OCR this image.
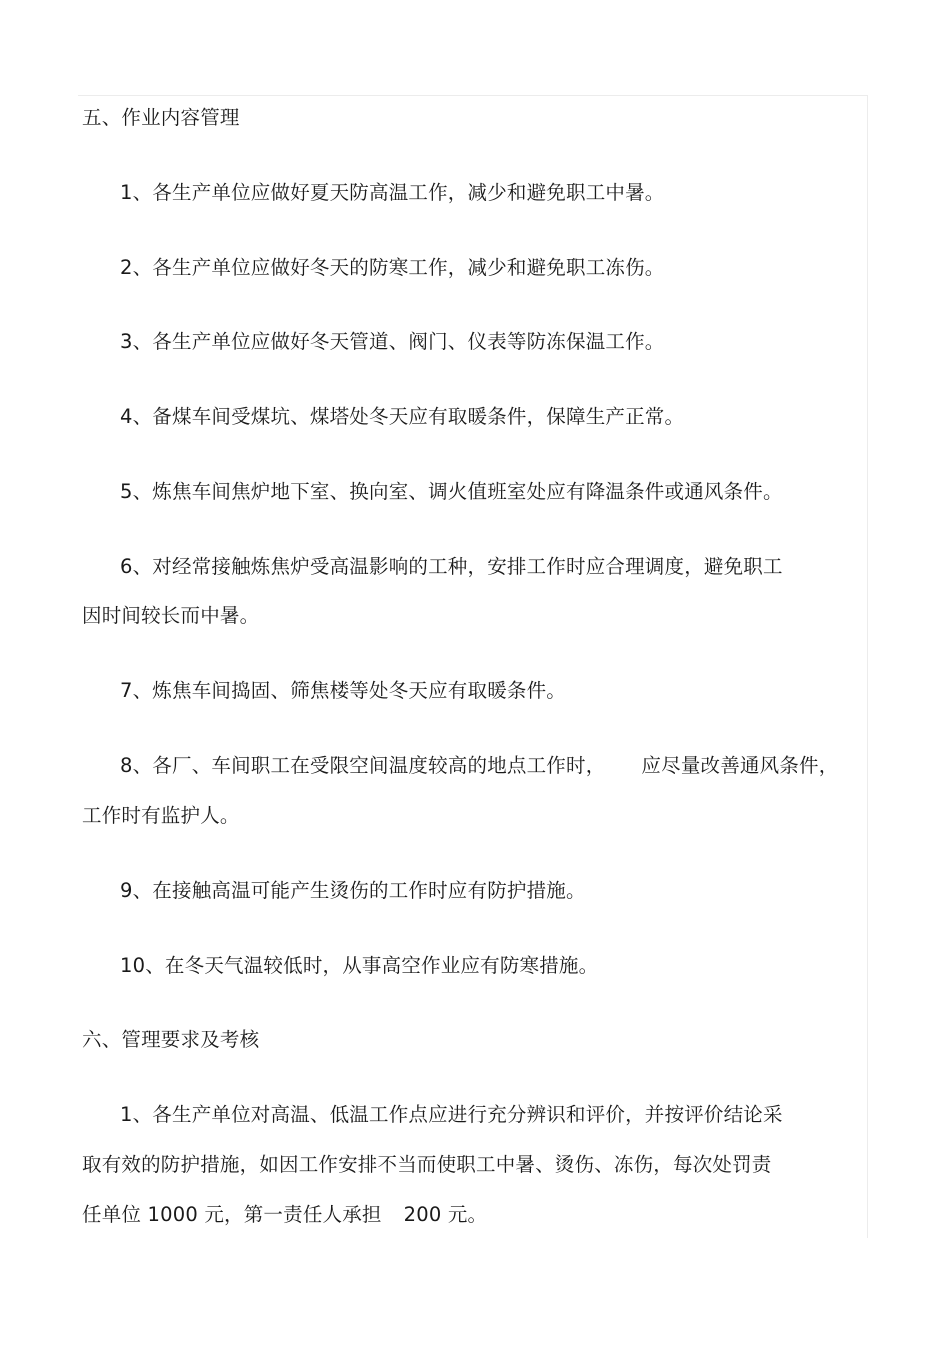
五、作业内容管理
1、各生产单位应做好夏天防高温工作，减少和避免职工中暑。
2、各生产单位应做好冬天的防寒工作，减少和避免职工冻伤。
3、各生产单位应做好冬天管道、阀门、仪表等防冻保温工作。
4、备煤车间受煤坑、煤塔处冬天应有取暖条件，保障生产正常。
5、炼焦车间焦炉地下室、换向室、调火值班室处应有降温条件或通风条件。
6、对经常接触炼焦炉受高温影响的工种，安排工作时应合理调度，避免职工
因时间较长而中暑。
7、炼焦车间捣固、筛焦楼等处冬天应有取暖条件。
8、各厂、车间职工在受限空间温度较高的地点工作时， 应尽量改善通风条件，
工作时有监护人。
9、在接触高温可能产生烫伤的工作时应有防护措施。
10、在冬天气温较低时，从事高空作业应有防寒措施。
六、管理要求及考核
1、各生产单位对高温、低温工作点应进行充分辨识和评价，并按评价结论采
取有效的防护措施，如因工作安排不当而使职工中暑、烫伤、冻伤，每次处罚责
任单位 1000 元，第一责任人承担 200 元。
